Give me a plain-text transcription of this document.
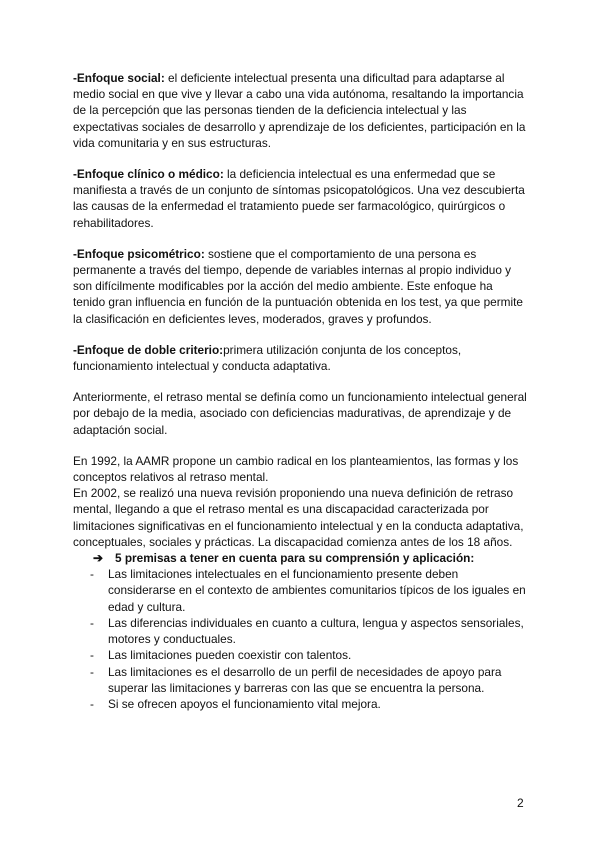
-Enfoque social: el deficiente intelectual presenta una dificultad para adaptarse al medio social en que vive y llevar a cabo una vida autónoma, resaltando la importancia de la percepción que las personas tienden de la deficiencia intelectual y las expectativas sociales de desarrollo y aprendizaje de los deficientes, participación en la vida comunitaria y en sus estructuras.

-Enfoque clínico o médico: la deficiencia intelectual es una enfermedad que se manifiesta a través de un conjunto de síntomas psicopatológicos. Una vez descubierta las causas de la enfermedad el tratamiento puede ser farmacológico, quirúrgicos o rehabilitadores.

-Enfoque psicométrico: sostiene que el comportamiento de una persona es permanente a través del tiempo, depende de variables internas al propio individuo y son difícilmente modificables por la acción del medio ambiente. Este enfoque ha tenido gran influencia en función de la puntuación obtenida en los test, ya que permite la clasificación en deficientes leves, moderados, graves y profundos.

-Enfoque de doble criterio:primera utilización conjunta de los conceptos, funcionamiento intelectual y conducta adaptativa.

Anteriormente, el retraso mental se definía como un funcionamiento intelectual general por debajo de la media, asociado con deficiencias madurativas, de aprendizaje y de adaptación social.

En 1992, la AAMR propone un cambio radical en los planteamientos, las formas y los conceptos relativos al retraso mental.

En 2002, se realizó una nueva revisión proponiendo una nueva definición de retraso mental, llegando a que el retraso mental es una discapacidad caracterizada por limitaciones significativas en el funcionamiento intelectual y en la conducta adaptativa, conceptuales, sociales y prácticas. La discapacidad comienza antes de los 18 años.

➔	5 premisas a tener en cuenta para su comprensión y aplicación:
-	Las limitaciones intelectuales en el funcionamiento presente deben considerarse en el contexto de ambientes comunitarios típicos de los iguales en edad y cultura.
-	Las diferencias individuales en cuanto a cultura, lengua y aspectos sensoriales, motores y conductuales.
-	Las limitaciones pueden coexistir con talentos.
-	Las limitaciones es el desarrollo de un perfil de necesidades de apoyo para superar las limitaciones y barreras con las que se encuentra la persona.
-	Si se ofrecen apoyos el funcionamiento vital mejora.
2
